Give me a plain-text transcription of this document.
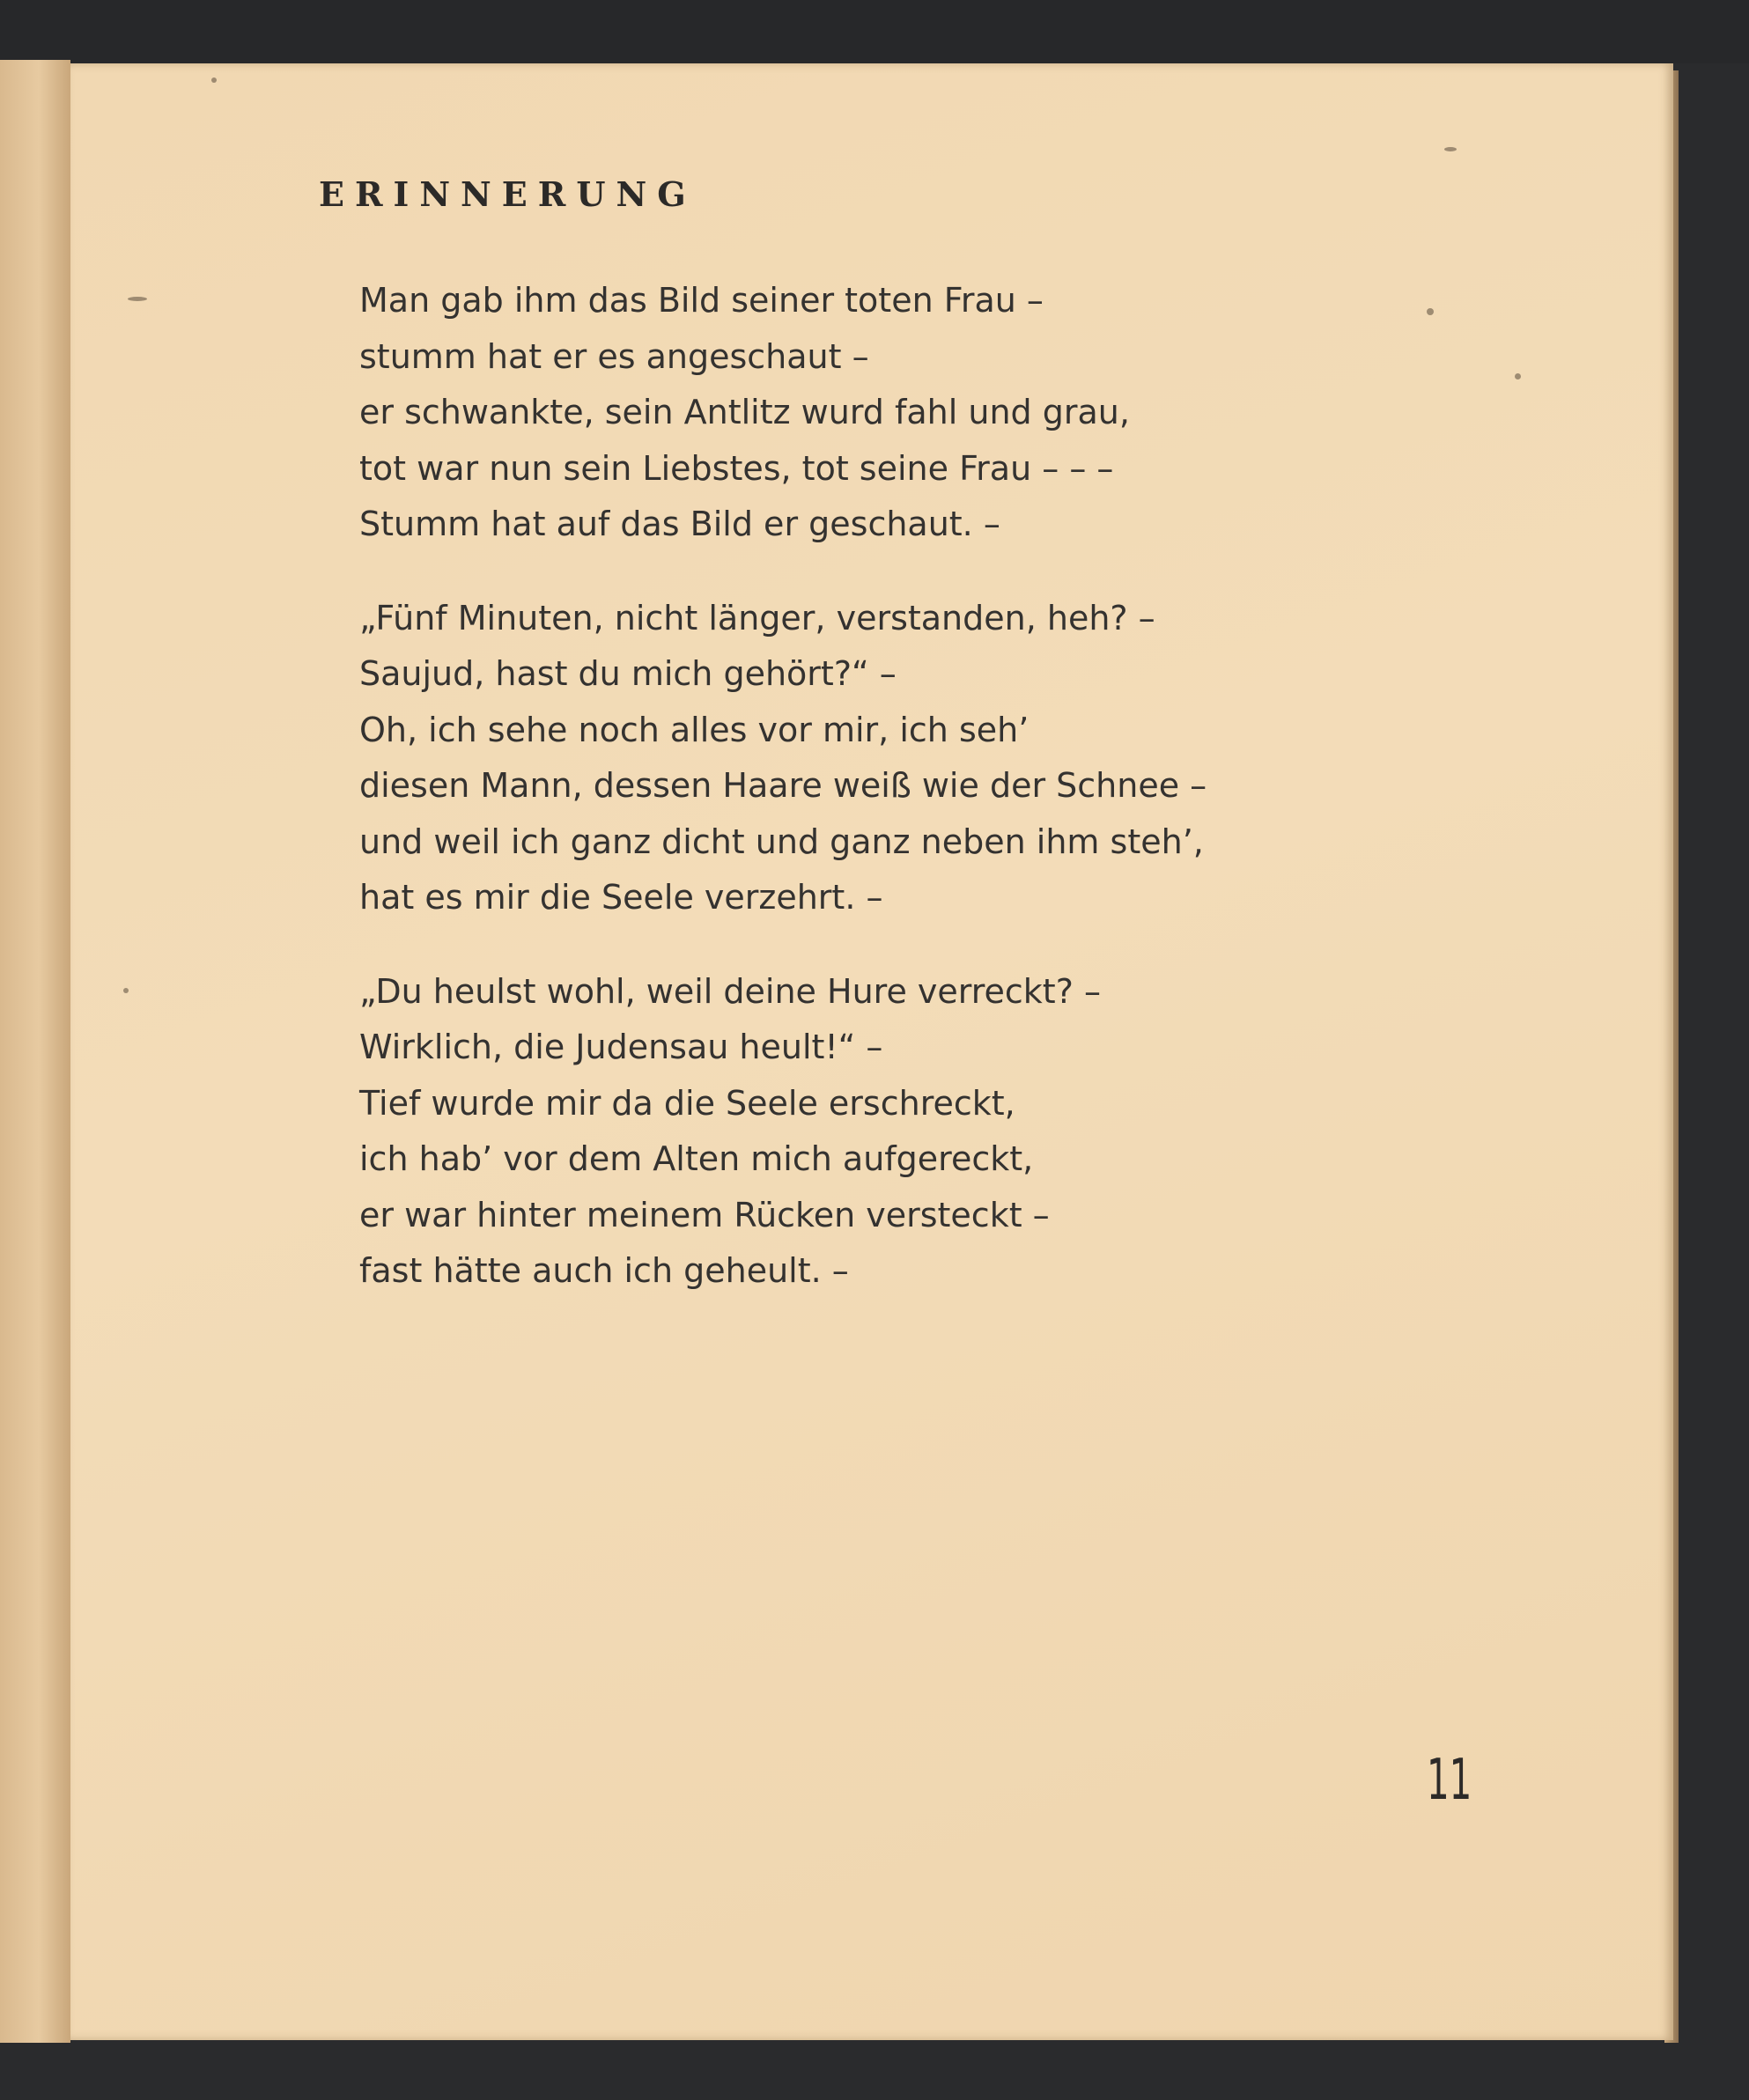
ERINNERUNG
Man gab ihm das Bild seiner toten Frau –
stumm hat er es angeschaut –
er schwankte, sein Antlitz wurd fahl und grau,
tot war nun sein Liebstes, tot seine Frau – – –
Stumm hat auf das Bild er geschaut. –
„Fünf Minuten, nicht länger, verstanden, heh? –
Saujud, hast du mich gehört?“ –
Oh, ich sehe noch alles vor mir, ich seh’
diesen Mann, dessen Haare weiß wie der Schnee –
und weil ich ganz dicht und ganz neben ihm steh’,
hat es mir die Seele verzehrt. –
„Du heulst wohl, weil deine Hure verreckt? –
Wirklich, die Judensau heult!“ –
Tief wurde mir da die Seele erschreckt,
ich hab’ vor dem Alten mich aufgereckt,
er war hinter meinem Rücken versteckt –
fast hätte auch ich geheult. –
11
